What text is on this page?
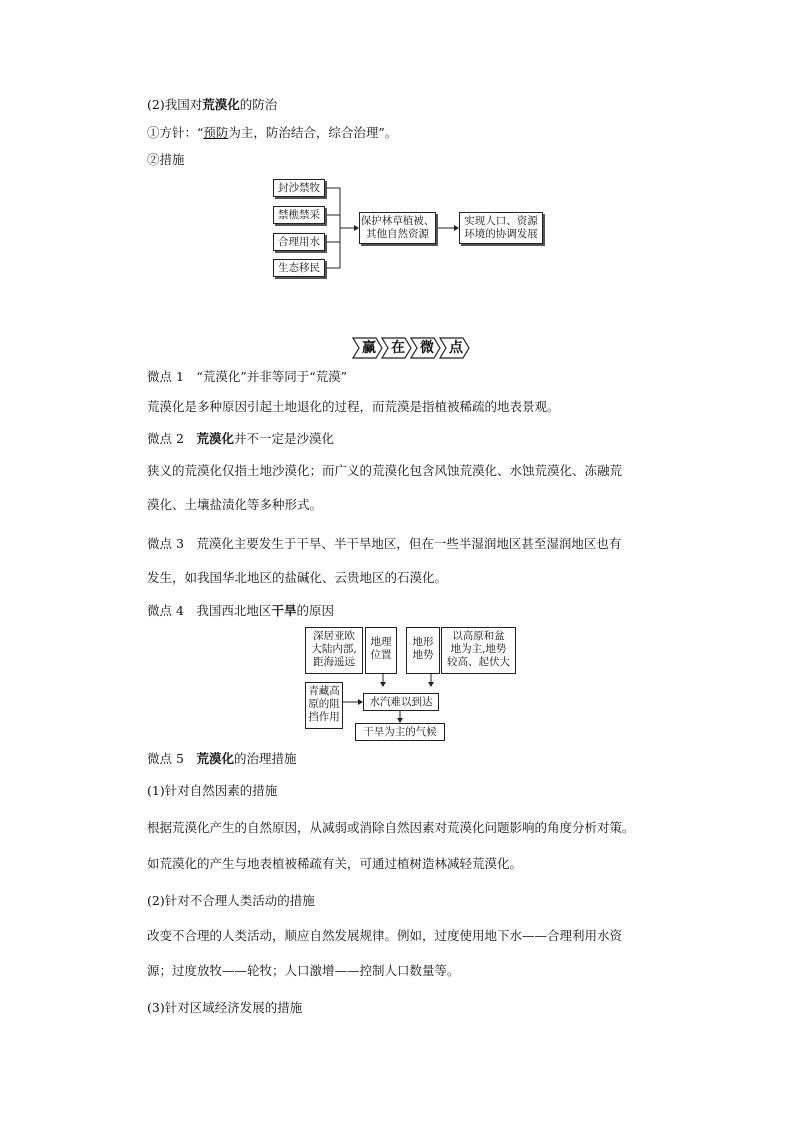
(2)我国对荒漠化的防治
①方针：“预防为主，防治结合，综合治理”。
②措施
封沙禁牧
禁樵禁采
合理用水
生态移民
保护林草植被、
其他自然资源
实现人口、资源
环境的协调发展
赢	在	微	点
微点 1　“荒漠化”并非等同于“荒漠”
荒漠化是多种原因引起土地退化的过程，而荒漠是指植被稀疏的地表景观。
微点 2　荒漠化并不一定是沙漠化
狭义的荒漠化仅指土地沙漠化；而广义的荒漠化包含风蚀荒漠化、水蚀荒漠化、冻融荒
漠化、土壤盐渍化等多种形式。
微点 3　荒漠化主要发生于干旱、半干旱地区，但在一些半湿润地区甚至湿润地区也有
发生，如我国华北地区的盐碱化、云贵地区的石漠化。
微点 4　我国西北地区干旱的原因
深居亚欧
大陆内部,
距海遥远
地理
位置
地形
地势
以高原和盆
地为主,地势
较高、起伏大
青藏高
原的阻
挡作用
水汽难以到达
干旱为主的气候
微点 5　荒漠化的治理措施
(1)针对自然因素的措施
根据荒漠化产生的自然原因，从减弱或消除自然因素对荒漠化问题影响的角度分析对策。
如荒漠化的产生与地表植被稀疏有关，可通过植树造林减轻荒漠化。
(2)针对不合理人类活动的措施
改变不合理的人类活动，顺应自然发展规律。例如，过度使用地下水——合理利用水资
源；过度放牧——轮牧；人口激增——控制人口数量等。
(3)针对区域经济发展的措施
